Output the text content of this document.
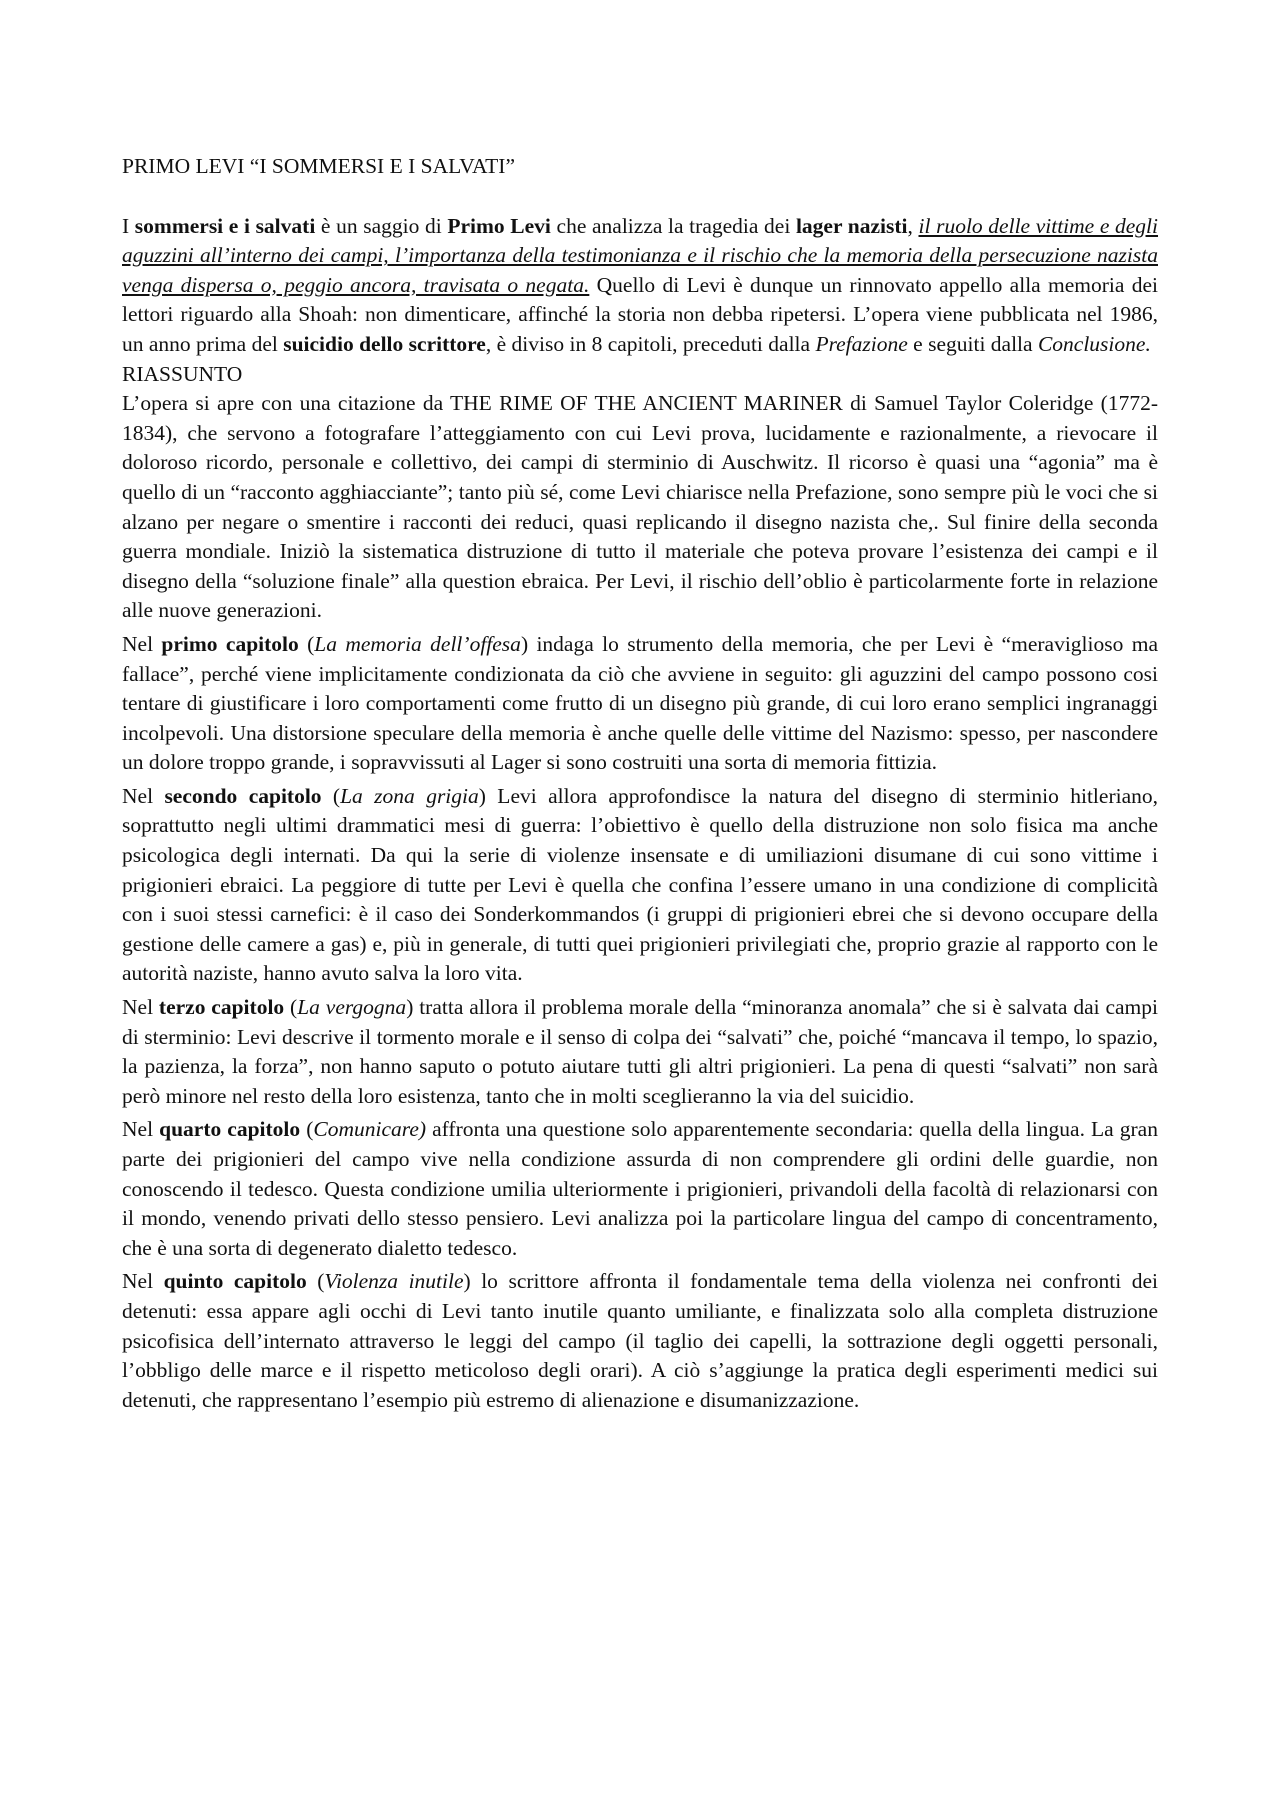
PRIMO LEVI “I SOMMERSI E I SALVATI”

I sommersi e i salvati è un saggio di Primo Levi che analizza la tragedia dei lager nazisti, il ruolo delle vittime e degli aguzzini all’interno dei campi, l’importanza della testimonianza e il rischio che la memoria della persecuzione nazista venga dispersa o, peggio ancora, travisata o negata. Quello di Levi è dunque un rinnovato appello alla memoria dei lettori riguardo alla Shoah: non dimenticare, affinché la storia non debba ripetersi. L’opera viene pubblicata nel 1986, un anno prima del suicidio dello scrittore, è diviso in 8 capitoli, preceduti dalla Prefazione e seguiti dalla Conclusione.

RIASSUNTO

L’opera si apre con una citazione da THE RIME OF THE ANCIENT MARINER di Samuel Taylor Coleridge (1772-1834), che servono a fotografare l’atteggiamento con cui Levi prova, lucidamente e razionalmente, a rievocare il doloroso ricordo, personale e collettivo, dei campi di sterminio di Auschwitz. Il ricorso è quasi una “agonia” ma è quello di un “racconto agghiacciante”; tanto più sé, come Levi chiarisce nella Prefazione, sono sempre più le voci che si alzano per negare o smentire i racconti dei reduci, quasi replicando il disegno nazista che,. Sul finire della seconda guerra mondiale. Iniziò la sistematica distruzione di tutto il materiale che poteva provare l’esistenza dei campi e il disegno della “soluzione finale” alla question ebraica. Per Levi, il rischio dell’oblio è particolarmente forte in relazione alle nuove generazioni.

Nel primo capitolo (La memoria dell’offesa) indaga lo strumento della memoria, che per Levi è “meraviglioso ma fallace”, perché viene implicitamente condizionata da ciò che avviene in seguito: gli aguzzini del campo possono cosi tentare di giustificare i loro comportamenti come frutto di un disegno più grande, di cui loro erano semplici ingranaggi incolpevoli. Una distorsione speculare della memoria è anche quelle delle vittime del Nazismo: spesso, per nascondere un dolore troppo grande, i sopravvissuti al Lager si sono costruiti una sorta di memoria fittizia.

Nel secondo capitolo (La zona grigia) Levi allora approfondisce la natura del disegno di sterminio hitleriano, soprattutto negli ultimi drammatici mesi di guerra: l’obiettivo è quello della distruzione non solo fisica ma anche psicologica degli internati. Da qui la serie di violenze insensate e di umiliazioni disumane di cui sono vittime i prigionieri ebraici. La peggiore di tutte per Levi è quella che confina l’essere umano in una condizione di complicità con i suoi stessi carnefici: è il caso dei Sonderkommandos (i gruppi di prigionieri ebrei che si devono occupare della gestione delle camere a gas) e, più in generale, di tutti quei prigionieri privilegiati che, proprio grazie al rapporto con le autorità naziste, hanno avuto salva la loro vita.

Nel terzo capitolo (La vergogna) tratta allora il problema morale della “minoranza anomala” che si è salvata dai campi di sterminio: Levi descrive il tormento morale e il senso di colpa dei “salvati” che, poiché “mancava il tempo, lo spazio, la pazienza, la forza”, non hanno saputo o potuto aiutare tutti gli altri prigionieri. La pena di questi “salvati” non sarà però minore nel resto della loro esistenza, tanto che in molti sceglieranno la via del suicidio.

Nel quarto capitolo (Comunicare) affronta una questione solo apparentemente secondaria: quella della lingua. La gran parte dei prigionieri del campo vive nella condizione assurda di non comprendere gli ordini delle guardie, non conoscendo il tedesco. Questa condizione umilia ulteriormente i prigionieri, privandoli della facoltà di relazionarsi con il mondo, venendo privati dello stesso pensiero. Levi analizza poi la particolare lingua del campo di concentramento, che è una sorta di degenerato dialetto tedesco.

Nel quinto capitolo (Violenza inutile) lo scrittore affronta il fondamentale tema della violenza nei confronti dei detenuti: essa appare agli occhi di Levi tanto inutile quanto umiliante, e finalizzata solo alla completa distruzione psicofisica dell’internato attraverso le leggi del campo (il taglio dei capelli, la sottrazione degli oggetti personali, l’obbligo delle marce e il rispetto meticoloso degli orari). A ciò s’aggiunge la pratica degli esperimenti medici sui detenuti, che rappresentano l’esempio più estremo di alienazione e disumanizzazione.
